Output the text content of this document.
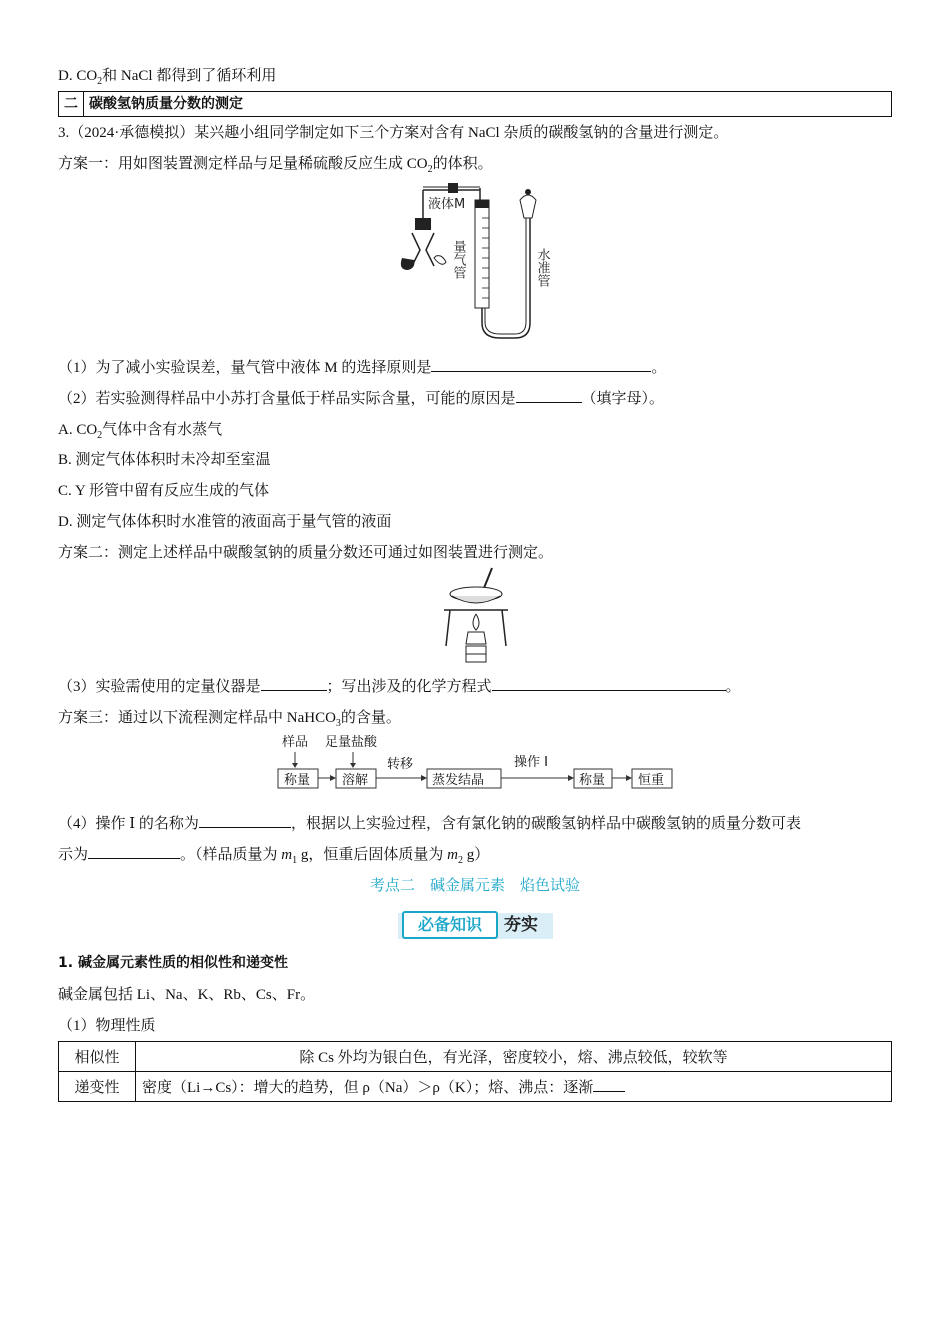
D. $CO_2$和 NaCl 都得到了循环利用
二 碳酸氢钠质量分数的测定
3.（2024·承德模拟）某兴趣小组同学制定如下三个方案对含有 NaCl 杂质的碳酸氢钠的含量进行测定。
方案一：用如图装置测定样品与足量稀硫酸反应生成 $CO_2$的体积。
液体M
量气管	水准管
（1）为了减小实验误差，量气管中液体 M 的选择原则是	。
（2）若实验测得样品中小苏打含量低于样品实际含量，可能的原因是	（填字母）。
A. $CO_2$气体中含有水蒸气
B. 测定气体体积时未冷却至室温
C. Y 形管中留有反应生成的气体
D. 测定气体体积时水准管的液面高于量气管的液面
方案二：测定上述样品中碳酸氢钠的质量分数还可通过如图装置进行测定。
（3）实验需使用的定量仪器是	；写出涉及的化学方程式	。
方案三：通过以下流程测定样品中 NaHCO$_3$的含量。
样品 足量盐酸
称量 溶解
转移
蒸发结晶
操作 Ⅰ
称量	恒重
（4）操作 Ⅰ 的名称为	，根据以上实验过程，含有氯化钠的碳酸氢钠样品中碳酸氢钠的质量分数可表
示为	。（样品质量为 $m_1$ g，恒重后固体质量为 $m_2$ g）
考点二　碱金属元素　焰色试验
必备知识	夯实
1. 碱金属元素性质的相似性和递变性
碱金属包括 Li、Na、K、Rb、Cs、Fr。
（1）物理性质
相似性	除 Cs 外均为银白色，有光泽，密度较小，熔、沸点较低，较软等
递变性	密度（Li→Cs）：增大的趋势，但 ρ（Na）＞ρ（K）；熔、沸点：逐渐
